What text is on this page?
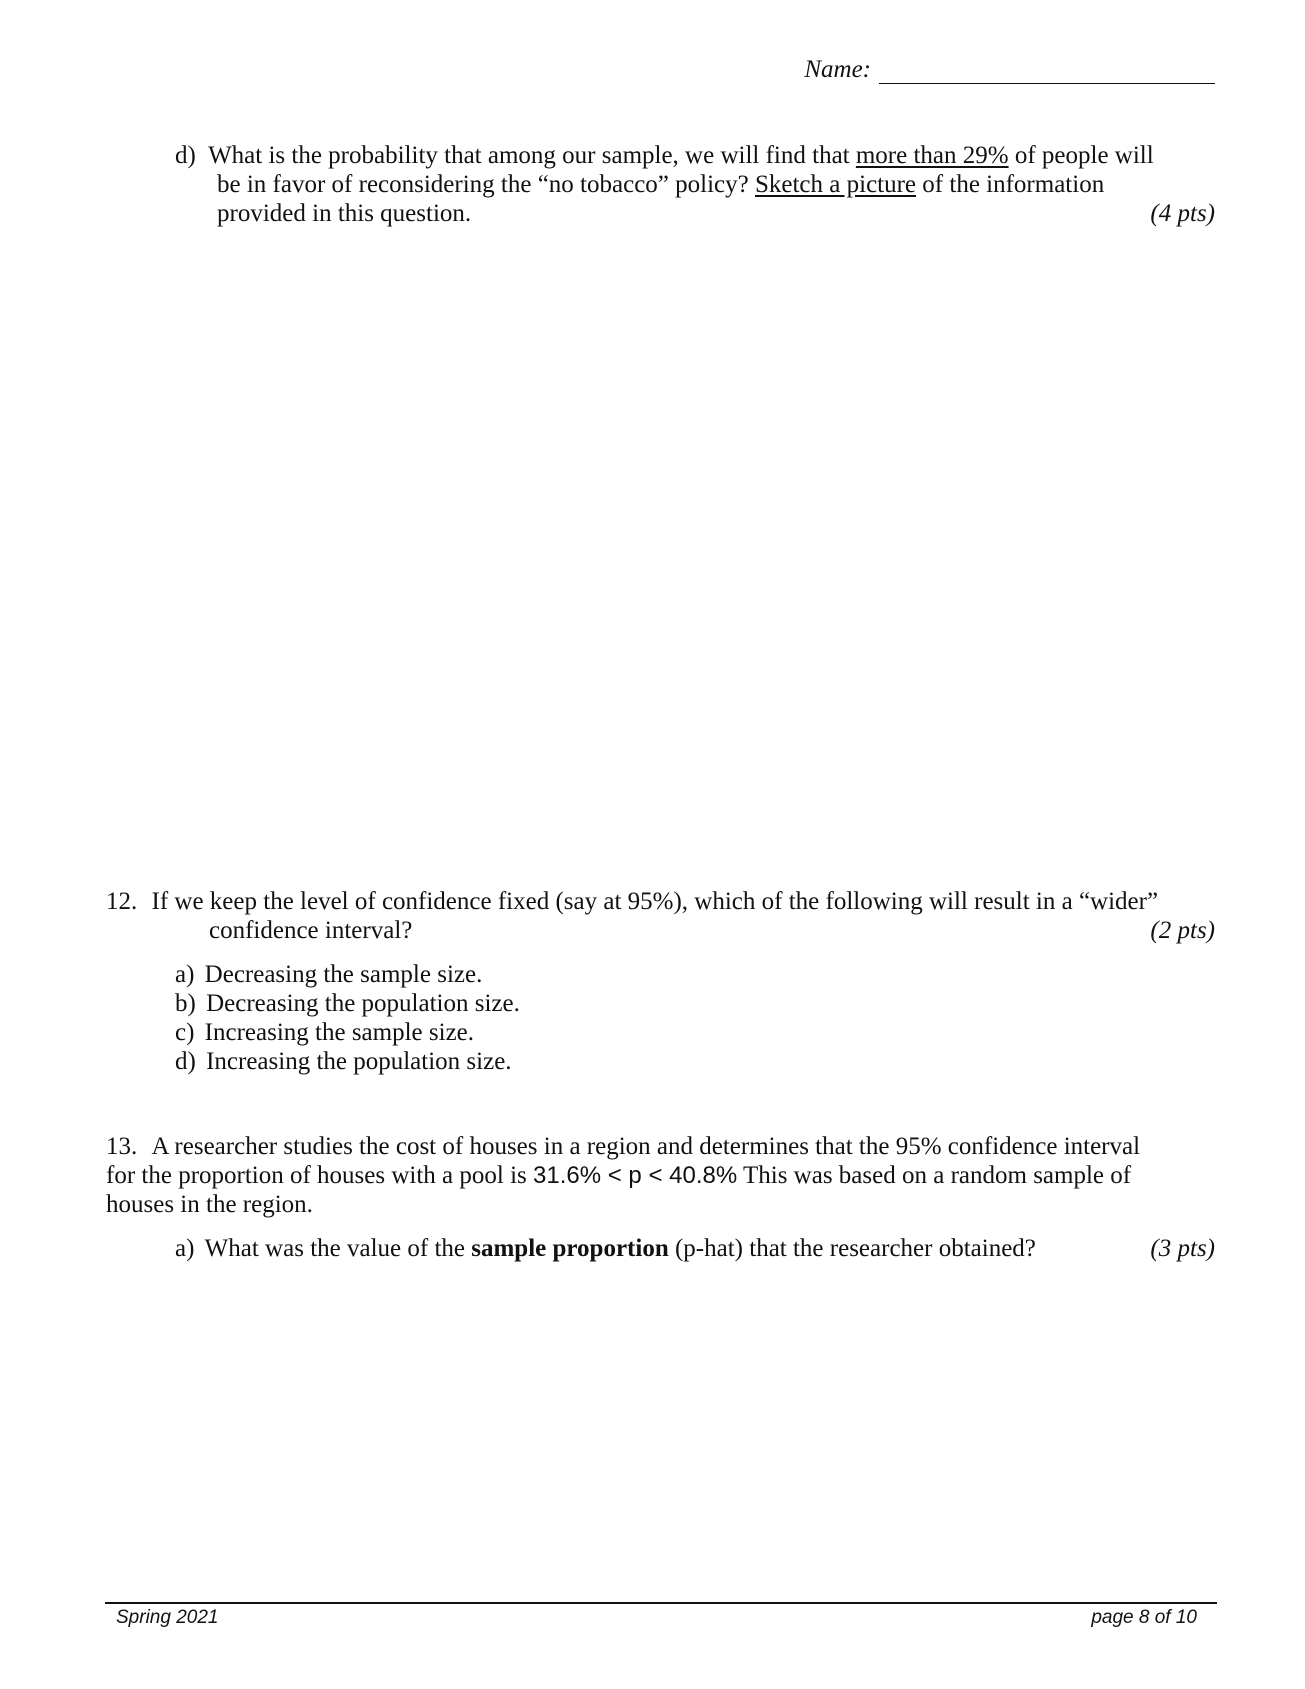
Name:
d) What is the probability that among our sample, we will find that more than 29% of people will
be in favor of reconsidering the “no tobacco” policy? Sketch a picture of the information
provided in this question.	(4 pts)
12. If we keep the level of confidence fixed (say at 95%), which of the following will result in a “wider”
confidence interval?	(2 pts)
a) Decreasing the sample size.
b) Decreasing the population size.
c) Increasing the sample size.
d) Increasing the population size.
13. A researcher studies the cost of houses in a region and determines that the 95% confidence interval
for the proportion of houses with a pool is 31.6% < p < 40.8% This was based on a random sample of
houses in the region.
a) What was the value of the sample proportion (p-hat) that the researcher obtained?	(3 pts)
Spring 2021	page 8 of 10
